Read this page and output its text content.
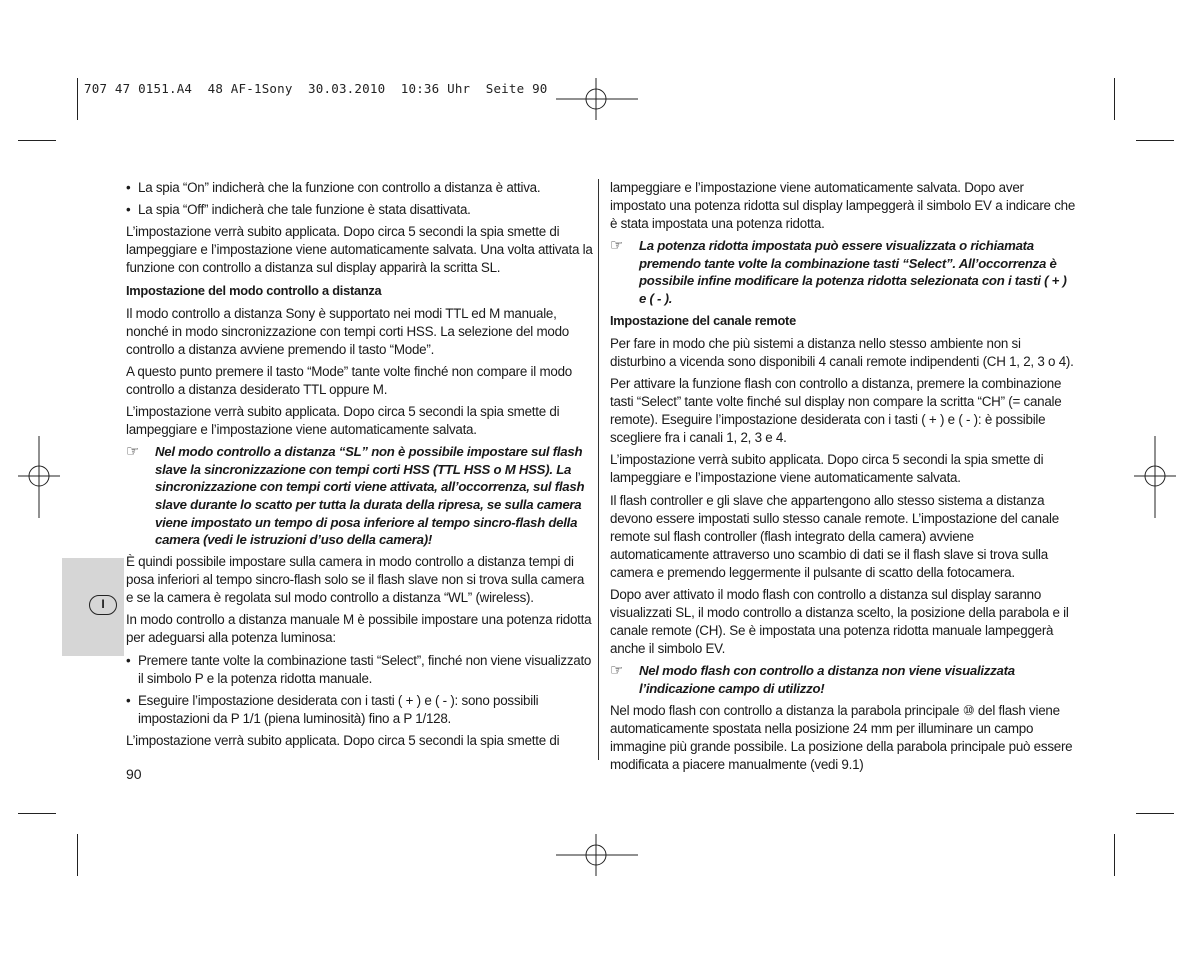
707 47 0151.A4  48 AF-1Sony  30.03.2010  10:36 Uhr  Seite 90
I
• La spia “On” indicherà che la funzione con controllo a distanza è attiva.
• La spia “Off” indicherà che tale funzione è stata disattivata.

L’impostazione verrà subito applicata. Dopo circa 5 secondi la spia smette di lampeggiare e l’impostazione viene automaticamente salvata. Una volta attivata la funzione con controllo a distanza sul display apparirà la scritta SL.

Impostazione del modo controllo a distanza

Il modo controllo a distanza Sony è supportato nei modi TTL ed M manuale, nonché in modo sincronizzazione con tempi corti HSS. La selezione del modo controllo a distanza avviene premendo il tasto “Mode”.

A questo punto premere il tasto “Mode” tante volte finché non compare il modo controllo a distanza desiderato TTL oppure M.

L’impostazione verrà subito applicata. Dopo circa 5 secondi la spia smette di lampeggiare e l’impostazione viene automaticamente salvata.

☞	Nel modo controllo a distanza “SL” non è possibile impostare sul flash slave la sincronizzazione con tempi corti HSS (TTL HSS o M HSS). La sincronizzazione con tempi corti viene attivata, all’occorrenza, sul flash slave durante lo scatto per tutta la durata della ripresa, se sulla camera viene impostato un tempo di posa inferiore al tempo sincro-flash della camera (vedi le istruzioni d’uso della camera)!

È quindi possibile impostare sulla camera in modo controllo a distanza tempi di posa inferiori al tempo sincro-flash solo se il flash slave non si trova sulla camera e se la camera è regolata sul modo controllo a distanza “WL” (wireless).

In modo controllo a distanza manuale M è possibile impostare una potenza ridotta per adeguarsi alla potenza luminosa:

• Premere tante volte la combinazione tasti “Select”, finché non viene visualizzato il simbolo P e la potenza ridotta manuale.
• Eseguire l’impostazione desiderata con i tasti ( + ) e ( - ): sono possibili impostazioni da P 1/1 (piena luminosità) fino a P 1/128.

L’impostazione verrà subito applicata. Dopo circa 5 secondi la spia smette di

lampeggiare e l’impostazione viene automaticamente salvata. Dopo aver impostato una potenza ridotta sul display lampeggerà il simbolo EV a indicare che è stata impostata una potenza ridotta.

☞	La potenza ridotta impostata può essere visualizzata o richiamata premendo tante volte la combinazione tasti “Select”. All’occorrenza è possibile infine modificare la potenza ridotta selezionata con i tasti ( + ) e ( - ).

Impostazione del canale remote

Per fare in modo che più sistemi a distanza nello stesso ambiente non si disturbino a vicenda sono disponibili 4 canali remote indipendenti (CH 1, 2, 3 o 4).

Per attivare la funzione flash con controllo a distanza, premere la combinazione tasti “Select” tante volte finché sul display non compare la scritta “CH” (= canale remote). Eseguire l’impostazione desiderata con i tasti ( + ) e ( - ): è possibile scegliere fra i canali 1, 2, 3 e 4.

L’impostazione verrà subito applicata. Dopo circa 5 secondi la spia smette di lampeggiare e l’impostazione viene automaticamente salvata.

Il flash controller e gli slave che appartengono allo stesso sistema a distanza devono essere impostati sullo stesso canale remote. L’impostazione del canale remote sul flash controller (flash integrato della camera) avviene automaticamente attraverso uno scambio di dati se il flash slave si trova sulla camera e premendo leggermente il pulsante di scatto della fotocamera.

Dopo aver attivato il modo flash con controllo a distanza sul display saranno visualizzati SL, il modo controllo a distanza scelto, la posizione della parabola e il canale remote (CH). Se è impostata una potenza ridotta manuale lampeggerà anche il simbolo EV.

☞	Nel modo flash con controllo a distanza non viene visualizzata l’indicazione campo di utilizzo!

Nel modo flash con controllo a distanza la parabola principale ⑩ del flash viene automaticamente spostata nella posizione 24 mm per illuminare un campo immagine più grande possibile. La posizione della parabola principale può essere modificata a piacere manualmente (vedi 9.1)

90
